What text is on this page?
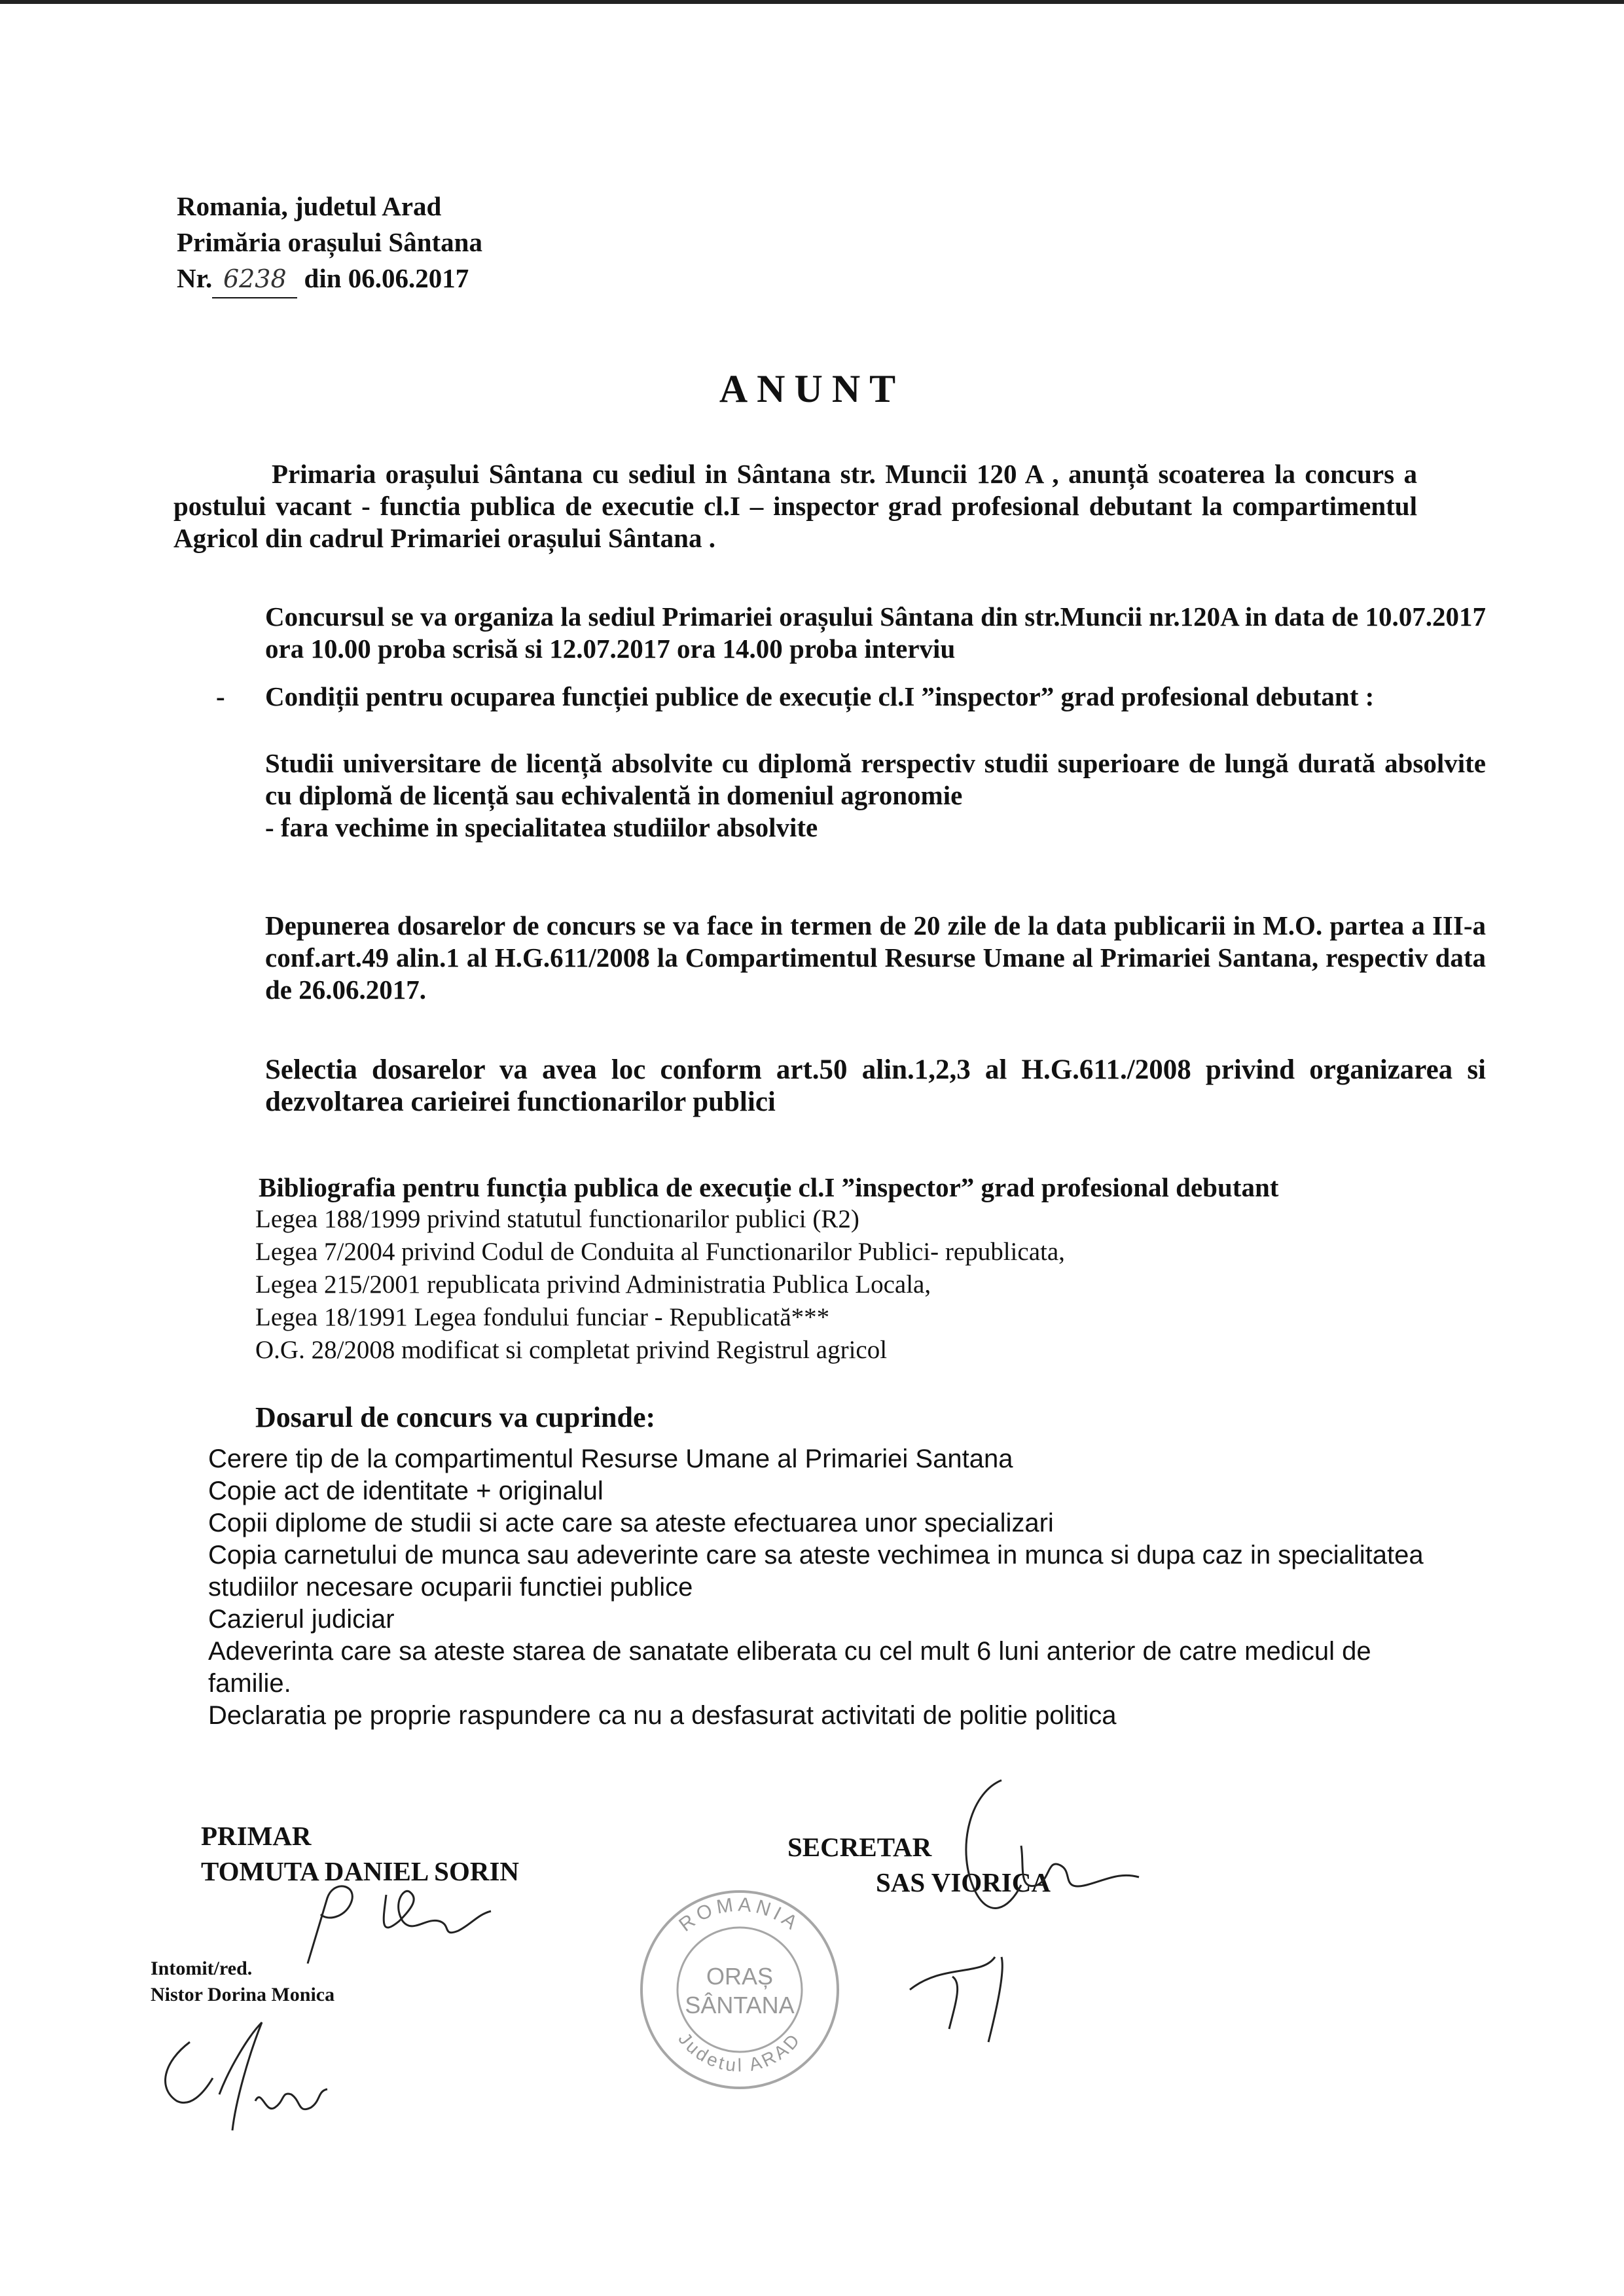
Romania, judetul Arad
Primăria orașului Sântana
Nr. 6238 din 06.06.2017
ANUNT
Primaria orașului Sântana cu sediul in Sântana str. Muncii 120 A , anunță scoaterea la concurs a postului vacant - functia publica de executie cl.I – inspector grad profesional debutant la compartimentul Agricol din cadrul Primariei orașului Sântana .
Concursul se va organiza la sediul Primariei orașului Sântana din str.Muncii nr.120A in data de 10.07.2017 ora 10.00 proba scrisă si 12.07.2017 ora 14.00 proba interviu
- Condiții pentru ocuparea funcției publice de execuție cl.I ”inspector” grad profesional debutant :
Studii universitare de licență absolvite cu diplomă rerspectiv studii superioare de lungă durată absolvite cu diplomă de licență sau echivalentă in domeniul agronomie
- fara vechime in specialitatea studiilor absolvite
Depunerea dosarelor de concurs se va face in termen de 20 zile de la data publicarii in M.O. partea a III-a conf.art.49 alin.1 al H.G.611/2008 la Compartimentul Resurse Umane al Primariei Santana, respectiv data de 26.06.2017.
Selectia dosarelor va avea loc conform art.50 alin.1,2,3 al H.G.611./2008 privind organizarea si dezvoltarea carieirei functionarilor publici
Bibliografia pentru funcția publica de execuție cl.I ”inspector” grad profesional debutant
Legea 188/1999 privind statutul functionarilor publici (R2)
Legea 7/2004 privind Codul de Conduita al Functionarilor Publici- republicata,
Legea 215/2001 republicata privind Administratia Publica Locala,
Legea 18/1991 Legea fondului funciar - Republicată***
O.G. 28/2008 modificat si completat privind Registrul agricol
Dosarul de concurs va cuprinde:
Cerere tip de la compartimentul Resurse Umane al Primariei Santana
Copie act de identitate + originalul
Copii diplome de studii si acte care sa ateste efectuarea unor specializari
Copia carnetului de munca sau adeverinte care sa ateste vechimea in munca si dupa caz in specialitatea studiilor necesare ocuparii functiei publice
Cazierul judiciar
Adeverinta care sa ateste starea de sanatate eliberata cu cel mult 6 luni anterior de catre medicul de familie.
Declaratia pe proprie raspundere ca nu a desfasurat activitati de politie politica
PRIMAR
TOMUTA DANIEL SORIN
SECRETAR
SAS VIORICA
Intomit/red.
Nistor Dorina Monica
ROMANIA
Judetul ARAD
ORAȘ
SÂNTANA
